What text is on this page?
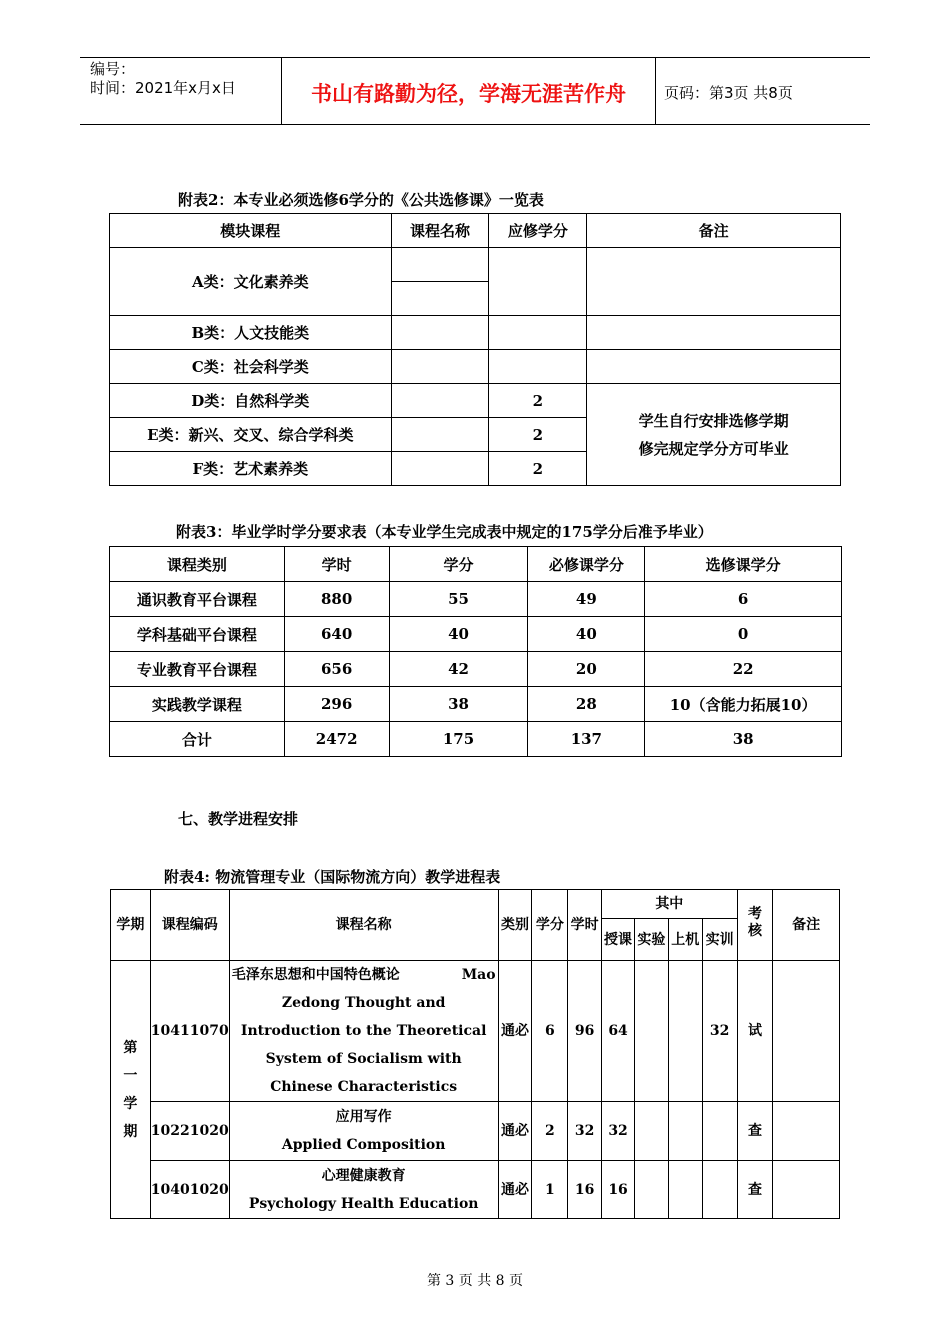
编号：
时间：2021年x月x日	书山有路勤为径，学海无涯苦作舟	页码：第3页 共8页
附表2：本专业必须选修6学分的《公共选修课》一览表
模块课程	课程名称	应修学分	备注
A类：文化素养类			

B类：人文技能类			
C类：社会科学类			
D类：自然科学类		2	学生自行安排选修学期
修完规定学分方可毕业

E类：新兴、交叉、综合学科类		2	
F类：艺术素养类		2	
附表3：毕业学时学分要求表（本专业学生完成表中规定的175学分后准予毕业）
课程类别	学时	学分	必修课学分	选修课学分
通识教育平台课程	880	55	49	6
学科基础平台课程	640	40	40	0
专业教育平台课程	656	42	20	22
实践教学课程	296	38	28	10（含能力拓展10）
合计	2472	175	137	38
七、教学进程安排
附表4: 物流管理专业（国际物流方向）教学进程表
学期	课程编码	课程名称	类别	学分	学时	其中				考核	备注
						授课	实验	上机	实训		
第一学期	10411070	毛泽东思想和中国特色概论 Mao
Zedong Thought and Introduction to the Theoretical System of Socialism with Chinese Characteristics	通必	6	96	64			32	试	
	10221020	应用写作
Applied Composition	通必	2	32	32				查	
	10401020	心理健康教育
Psychology Health Education	通必	1	16	16				查	
第 3 页 共 8 页
